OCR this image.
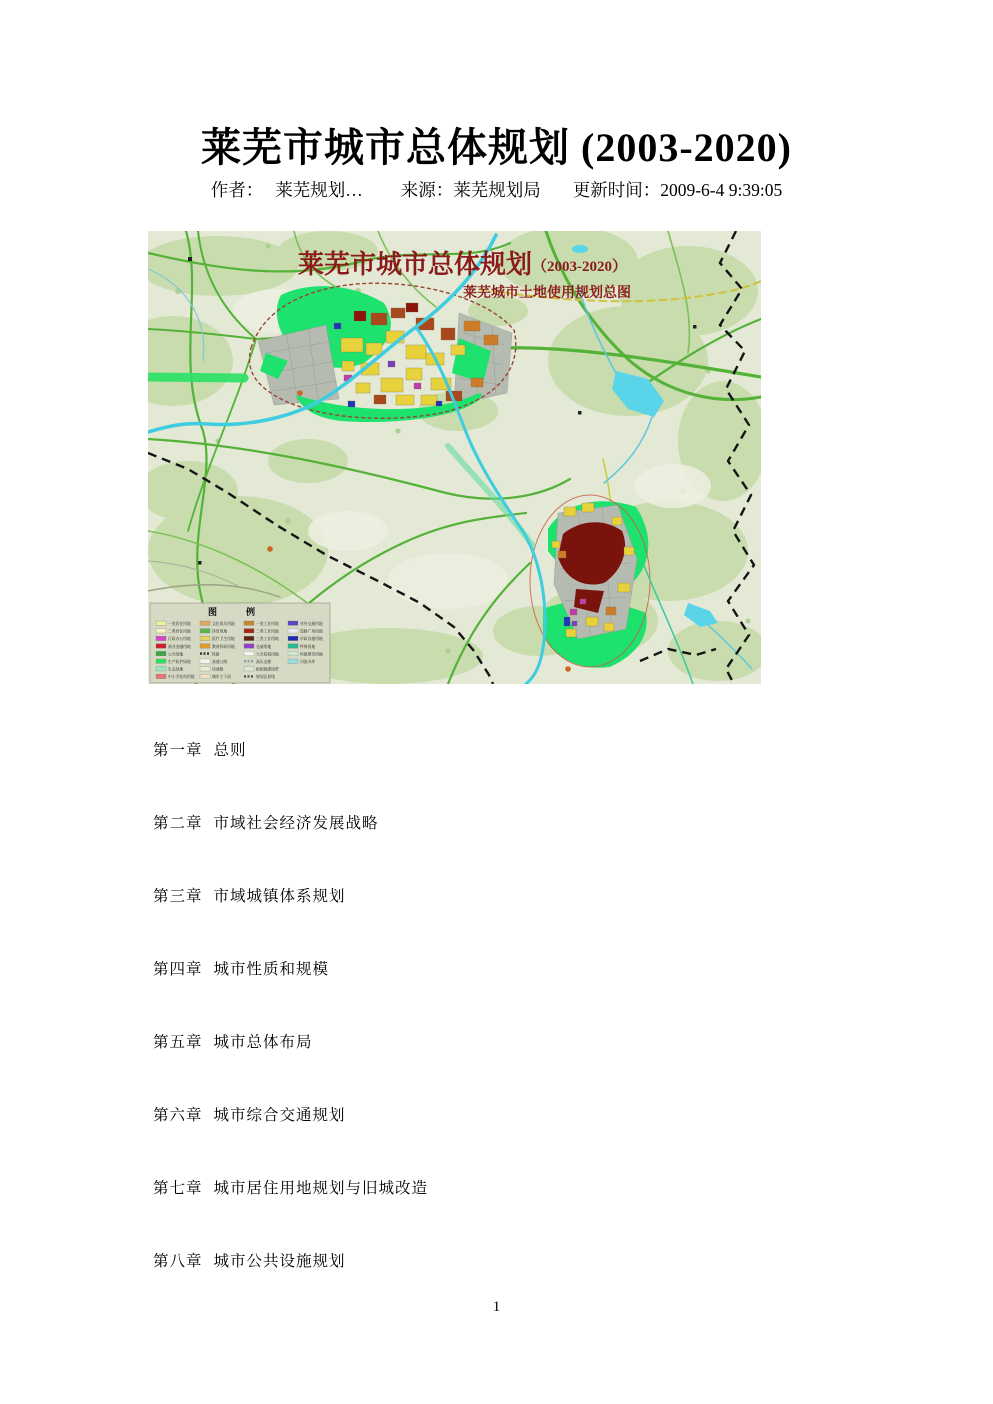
莱芜市城市总体规划 (2003-2020)
作者： 莱芜规划… 来源：莱芜规划局 更新时间：2009-6-4 9:39:05
图　例
一类居住用地
二类居住用地
行政办公用地
商业金融用地
公共绿地
生产防护绿地
生态绿地
中小学托幼用地
文化娱乐用地
体育用地
医疗卫生用地
教育科研用地
铁路
高速公路
快速路
城市主干道
一类工业用地
二类工业用地
三类工业用地
仓储用地
大专院校用地
高压走廊
组团隔离绿带
规划区界线
对外交通用地
道路广场用地
市政设施用地
特殊用地
村镇建设用地
河流水库
莱芜市城市总体规划（2003-2020）
莱芜城市土地使用规划总图
第一章 总则
第二章 市域社会经济发展战略
第三章 市域城镇体系规划
第四章 城市性质和规模
第五章 城市总体布局
第六章 城市综合交通规划
第七章 城市居住用地规划与旧城改造
第八章 城市公共设施规划
1
